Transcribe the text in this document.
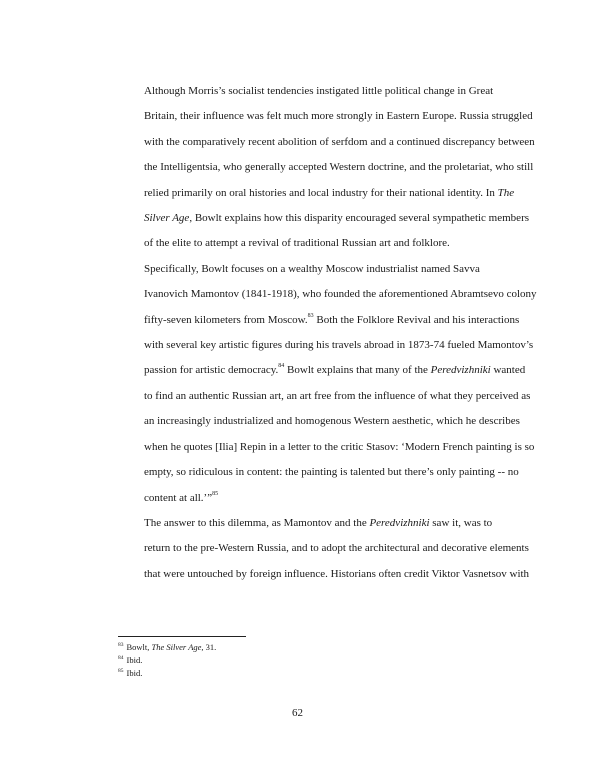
Although Morris’s socialist tendencies instigated little political change in Great
Britain, their influence was felt much more strongly in Eastern Europe. Russia struggled
with the comparatively recent abolition of serfdom and a continued discrepancy between
the Intelligentsia, who generally accepted Western doctrine, and the proletariat, who still
relied primarily on oral histories and local industry for their national identity. In The
Silver Age, Bowlt explains how this disparity encouraged several sympathetic members
of the elite to attempt a revival of traditional Russian art and folklore.

Specifically, Bowlt focuses on a wealthy Moscow industrialist named Savva
Ivanovich Mamontov (1841-1918), who founded the aforementioned Abramtsevo colony
fifty-seven kilometers from Moscow.$^{83}$ Both the Folklore Revival and his interactions
with several key artistic figures during his travels abroad in 1873-74 fueled Mamontov’s
passion for artistic democracy.$^{84}$ Bowlt explains that many of the Peredvizhniki wanted
to find an authentic Russian art, an art free from the influence of what they perceived as
an increasingly industrialized and homogenous Western aesthetic, which he describes
when he quotes [Ilia] Repin in a letter to the critic Stasov: ‘Modern French painting is so
empty, so ridiculous in content: the painting is talented but there’s only painting -- no
content at all.’”$^{85}$

The answer to this dilemma, as Mamontov and the Peredvizhniki saw it, was to
return to the pre-Western Russia, and to adopt the architectural and decorative elements
that were untouched by foreign influence. Historians often credit Viktor Vasnetsov with

$^{83}$ Bowlt, The Silver Age, 31.
$^{84}$ Ibid.
$^{85}$ Ibid.
62
